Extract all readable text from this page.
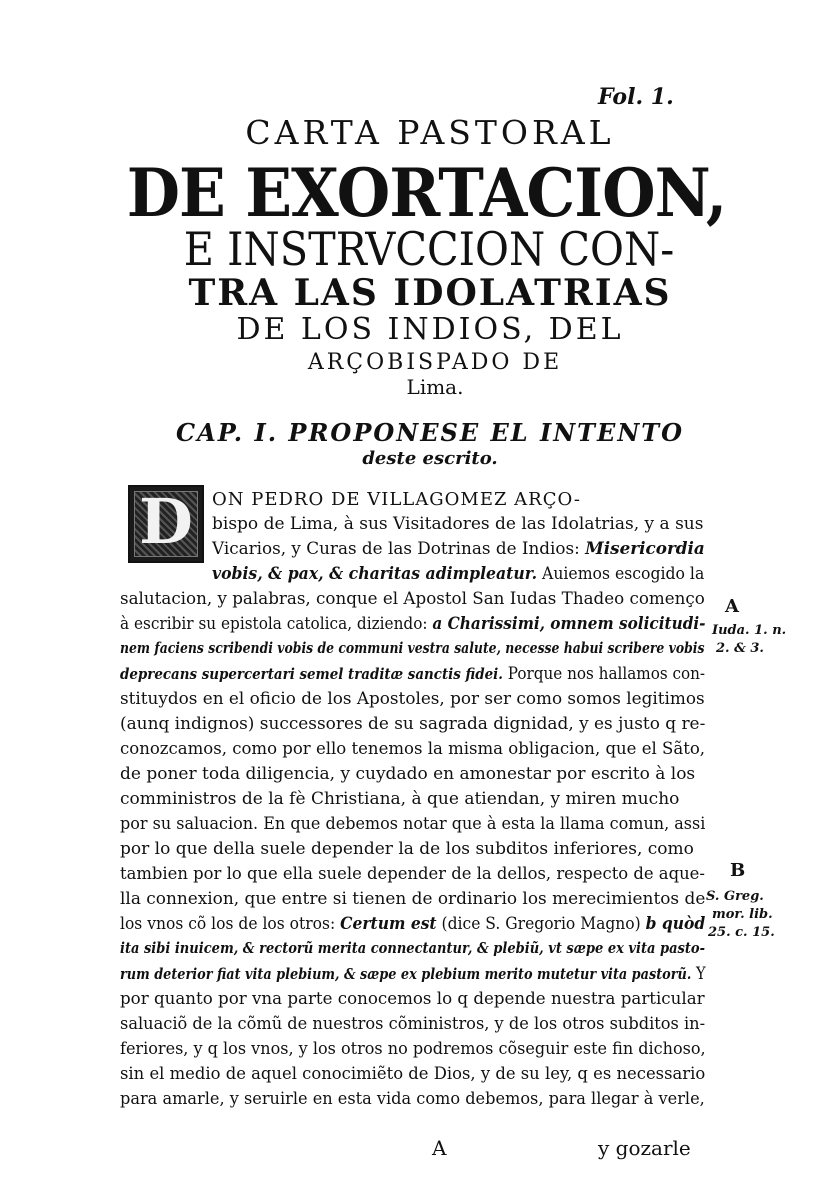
Fol. 1.
CARTA PASTORAL
DE EXORTACION,
E INSTRVCCION CON-
TRA LAS IDOLATRIAS
DE LOS INDIOS, DEL
ARÇOBISPADO DE
Lima.
CAP. I. PROPONESE EL INTENTO
deste escrito.
D	ON PEDRO DE VILLAGOMEZ ARÇO-
bispo de Lima, à sus Visitadores de las Idolatrias, y a sus
Vicarios, y Curas de las Dotrinas de Indios: Misericordia
vobis, & pax, & charitas adimpleatur. Auiemos escogido la
salutacion, y palabras, conque el Apostol San Iudas Thadeo començo
à escribir su epistola catolica, diziendo: a Charissimi, omnem solicitudi-
nem faciens scribendi vobis de communi vestra salute, necesse habui scribere vobis
deprecans supercertari semel traditæ sanctis fidei. Porque nos hallamos con-
stituydos en el oficio de los Apostoles, por ser como somos legitimos
(aunq indignos) successores de su sagrada dignidad, y es justo q re-
conozcamos, como por ello tenemos la misma obligacion, que el Sãto,
de poner toda diligencia, y cuydado en amonestar por escrito à los
comministros de la fè Christiana, à que atiendan, y miren mucho
por su saluacion. En que debemos notar que à esta la llama comun, assi
por lo que della suele depender la de los subditos inferiores, como
tambien por lo que ella suele depender de la dellos, respecto de aque-
lla connexion, que entre si tienen de ordinario los merecimientos de
los vnos cõ los de los otros: Certum est (dice S. Gregorio Magno) b quòd
ita sibi inuicem, & rectorũ merita connectantur, & plebiũ, vt sæpe ex vita pasto-
rum deterior fiat vita plebium, & sæpe ex plebium merito mutetur vita pastorũ. Y
por quanto por vna parte conocemos lo q depende nuestra particular
saluaciõ de la cõmũ de nuestros cõministros, y de los otros subditos in-
feriores, y q los vnos, y los otros no podremos cõseguir este fin dichoso,
sin el medio de aquel conocimiẽto de Dios, y de su ley, q es necessario
para amarle, y seruirle en esta vida como debemos, para llegar à verle,
A
Iuda. 1. n.
2. & 3.
B
S. Greg.
mor. lib.
25. c. 15.
A	y gozarle
